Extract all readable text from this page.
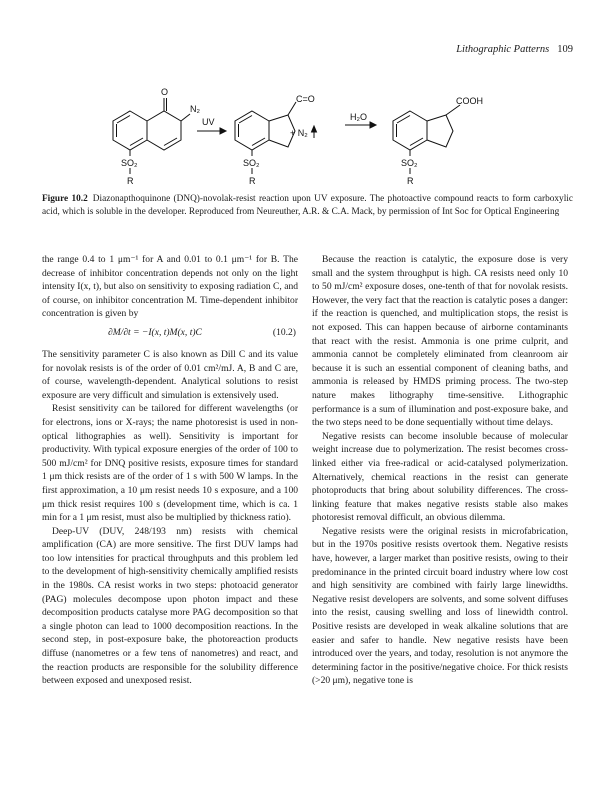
Lithographic Patterns 109
O
N₂
UV
SO₂
R
C=O
+ N₂
SO₂
R
H₂O
COOH
SO₂
R
Figure 10.2 Diazonapthoquinone (DNQ)-novolak-resist reaction upon UV exposure. The photoactive compound reacts to form carboxylic acid, which is soluble in the developer. Reproduced from Neureuther, A.R. & C.A. Mack, by permission of Int Soc for Optical Engineering

the range 0.4 to 1 μm⁻¹ for A and 0.01 to 0.1 μm⁻¹ for B. The decrease of inhibitor concentration depends not only on the light intensity I(x, t), but also on sensitivity to exposing radiation C, and of course, on inhibitor concentration M. Time-dependent inhibitor concentration is given by

∂M/∂t = −I(x, t)M(x, t)C	(10.2)

The sensitivity parameter C is also known as Dill C and its value for novolak resists is of the order of 0.01 cm²/mJ. A, B and C are, of course, wavelength-dependent. Analytical solutions to resist exposure are very difficult and simulation is extensively used.

Resist sensitivity can be tailored for different wavelengths (or for electrons, ions or X-rays; the name photoresist is used in non-optical lithographies as well). Sensitivity is important for productivity. With typical exposure energies of the order of 100 to 500 mJ/cm² for DNQ positive resists, exposure times for standard 1 μm thick resists are of the order of 1 s with 500 W lamps. In the first approximation, a 10 μm resist needs 10 s exposure, and a 100 μm thick resist requires 100 s (development time, which is ca. 1 min for a 1 μm resist, must also be multiplied by thickness ratio).

Deep-UV (DUV, 248/193 nm) resists with chemical amplification (CA) are more sensitive. The first DUV lamps had too low intensities for practical throughputs and this problem led to the development of high-sensitivity chemically amplified resists in the 1980s. CA resist works in two steps: photoacid generator (PAG) molecules decompose upon photon impact and these decomposition products catalyse more PAG decomposition so that a single photon can lead to 1000 decomposition reactions. In the second step, in post-exposure bake, the photoreaction products diffuse (nanometres or a few tens of nanometres) and react, and the reaction products are responsible for the solubility difference between exposed and unexposed resist.

Because the reaction is catalytic, the exposure dose is very small and the system throughput is high. CA resists need only 10 to 50 mJ/cm² exposure doses, one-tenth of that for novolak resists. However, the very fact that the reaction is catalytic poses a danger: if the reaction is quenched, and multiplication stops, the resist is not exposed. This can happen because of airborne contaminants that react with the resist. Ammonia is one prime culprit, and ammonia cannot be completely eliminated from cleanroom air because it is such an essential component of cleaning baths, and ammonia is released by HMDS priming process. The two-step nature makes lithography time-sensitive. Lithographic performance is a sum of illumination and post-exposure bake, and the two steps need to be done sequentially without time delays.

Negative resists can become insoluble because of molecular weight increase due to polymerization. The resist becomes cross-linked either via free-radical or acid-catalysed polymerization. Alternatively, chemical reactions in the resist can generate photoproducts that bring about solubility differences. The cross-linking feature that makes negative resists stable also makes photoresist removal difficult, an obvious dilemma.

Negative resists were the original resists in microfabrication, but in the 1970s positive resists overtook them. Negative resists have, however, a larger market than positive resists, owing to their predominance in the printed circuit board industry where low cost and high sensitivity are combined with fairly large linewidths. Negative resist developers are solvents, and some solvent diffuses into the resist, causing swelling and loss of linewidth control. Positive resists are developed in weak alkaline solutions that are easier and safer to handle. New negative resists have been introduced over the years, and today, resolution is not anymore the determining factor in the positive/negative choice. For thick resists (>20 μm), negative tone is
